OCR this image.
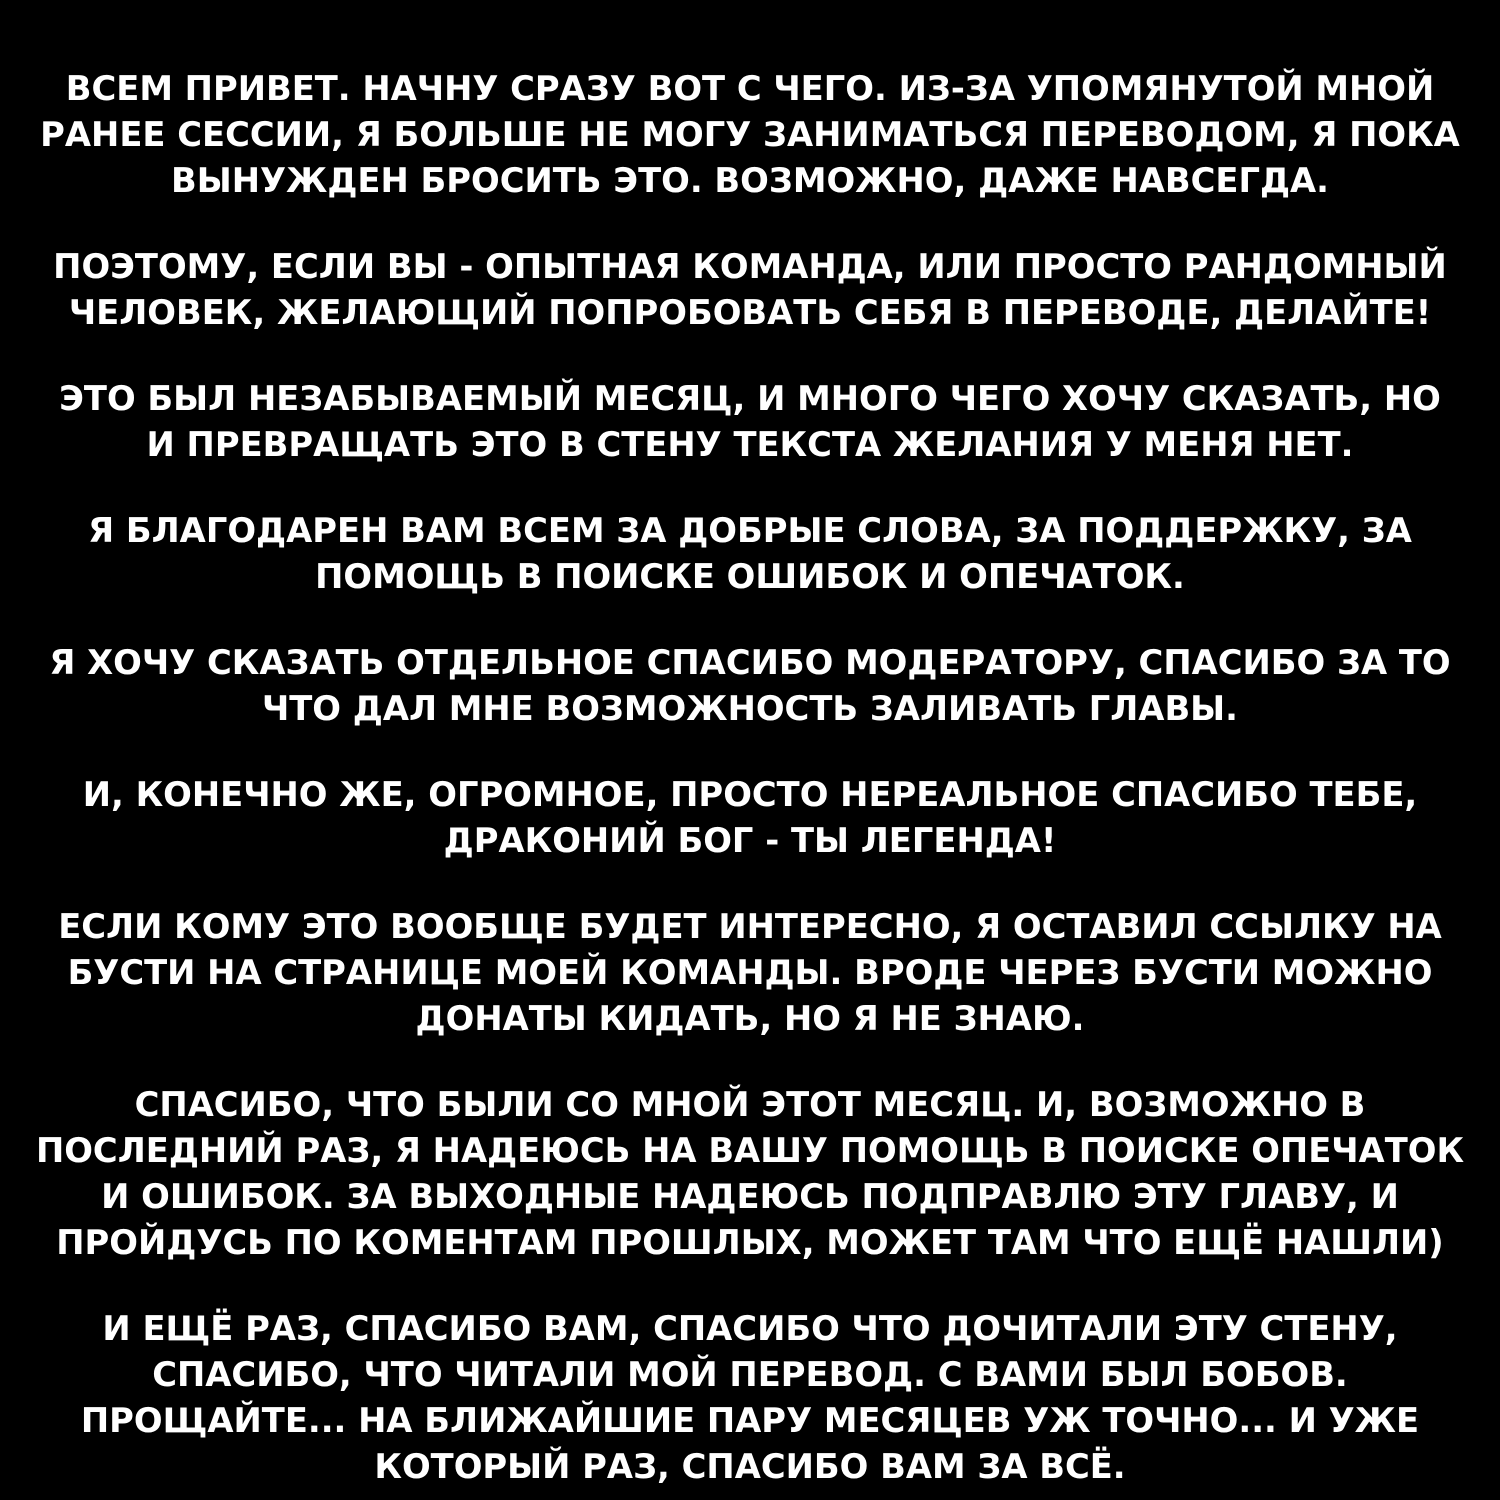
ВСЕМ ПРИВЕТ. НАЧНУ СРАЗУ ВОТ С ЧЕГО. ИЗ-ЗА УПОМЯНУТОЙ МНОЙ
РАНЕЕ СЕССИИ, Я БОЛЬШЕ НЕ МОГУ ЗАНИМАТЬСЯ ПЕРЕВОДОМ, Я ПОКА
ВЫНУЖДЕН БРОСИТЬ ЭТО. ВОЗМОЖНО, ДАЖЕ НАВСЕГДА.
ПОЭТОМУ, ЕСЛИ ВЫ - ОПЫТНАЯ КОМАНДА, ИЛИ ПРОСТО РАНДОМНЫЙ
ЧЕЛОВЕК, ЖЕЛАЮЩИЙ ПОПРОБОВАТЬ СЕБЯ В ПЕРЕВОДЕ, ДЕЛАЙТЕ!
ЭТО БЫЛ НЕЗАБЫВАЕМЫЙ МЕСЯЦ, И МНОГО ЧЕГО ХОЧУ СКАЗАТЬ, НО
И ПРЕВРАЩАТЬ ЭТО В СТЕНУ ТЕКСТА ЖЕЛАНИЯ У МЕНЯ НЕТ.
Я БЛАГОДАРЕН ВАМ ВСЕМ ЗА ДОБРЫЕ СЛОВА, ЗА ПОДДЕРЖКУ, ЗА
ПОМОЩЬ В ПОИСКЕ ОШИБОК И ОПЕЧАТОК.
Я ХОЧУ СКАЗАТЬ ОТДЕЛЬНОЕ СПАСИБО МОДЕРАТОРУ, СПАСИБО ЗА ТО
ЧТО ДАЛ МНЕ ВОЗМОЖНОСТЬ ЗАЛИВАТЬ ГЛАВЫ.
И, КОНЕЧНО ЖЕ, ОГРОМНОЕ, ПРОСТО НЕРЕАЛЬНОЕ СПАСИБО ТЕБЕ,
ДРАКОНИЙ БОГ - ТЫ ЛЕГЕНДА!
ЕСЛИ КОМУ ЭТО ВООБЩЕ БУДЕТ ИНТЕРЕСНО, Я ОСТАВИЛ ССЫЛКУ НА
БУСТИ НА СТРАНИЦЕ МОЕЙ КОМАНДЫ. ВРОДЕ ЧЕРЕЗ БУСТИ МОЖНО
ДОНАТЫ КИДАТЬ, НО Я НЕ ЗНАЮ.
СПАСИБО, ЧТО БЫЛИ СО МНОЙ ЭТОТ МЕСЯЦ. И, ВОЗМОЖНО В
ПОСЛЕДНИЙ РАЗ, Я НАДЕЮСЬ НА ВАШУ ПОМОЩЬ В ПОИСКЕ ОПЕЧАТОК
И ОШИБОК. ЗА ВЫХОДНЫЕ НАДЕЮСЬ ПОДПРАВЛЮ ЭТУ ГЛАВУ, И
ПРОЙДУСЬ ПО КОМЕНТАМ ПРОШЛЫХ, МОЖЕТ ТАМ ЧТО ЕЩЁ НАШЛИ)
И ЕЩЁ РАЗ, СПАСИБО ВАМ, СПАСИБО ЧТО ДОЧИТАЛИ ЭТУ СТЕНУ,
СПАСИБО, ЧТО ЧИТАЛИ МОЙ ПЕРЕВОД. С ВАМИ БЫЛ БОБОВ.
ПРОЩАЙТЕ... НА БЛИЖАЙШИЕ ПАРУ МЕСЯЦЕВ УЖ ТОЧНО... И УЖЕ
КОТОРЫЙ РАЗ, СПАСИБО ВАМ ЗА ВСЁ.
